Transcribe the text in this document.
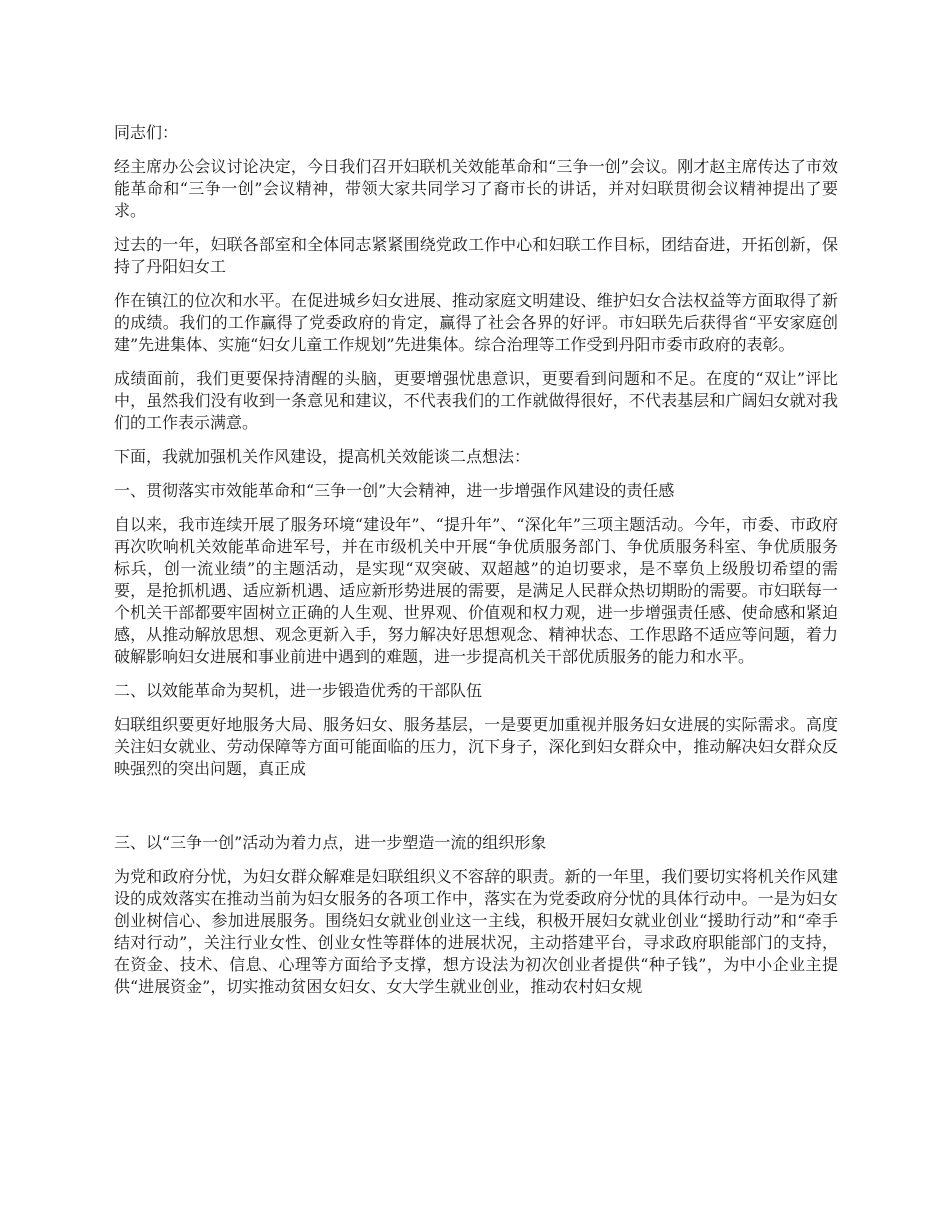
同志们：

经主席办公会议讨论决定，今日我们召开妇联机关效能革命和“三争一创”会议。刚才赵主席传达了市效能革命和“三争一创”会议精神，带领大家共同学习了裔市长的讲话，并对妇联贯彻会议精神提出了要求。

过去的一年，妇联各部室和全体同志紧紧围绕党政工作中心和妇联工作目标，团结奋进，开拓创新，保持了丹阳妇女工

作在镇江的位次和水平。在促进城乡妇女进展、推动家庭文明建设、维护妇女合法权益等方面取得了新的成绩。我们的工作赢得了党委政府的肯定，赢得了社会各界的好评。市妇联先后获得省“平安家庭创建”先进集体、实施“妇女儿童工作规划”先进集体。综合治理等工作受到丹阳市委市政府的表彰。

成绩面前，我们更要保持清醒的头脑，更要增强忧患意识，更要看到问题和不足。在度的“双让”评比中，虽然我们没有收到一条意见和建议，不代表我们的工作就做得很好，不代表基层和广阔妇女就对我们的工作表示满意。

下面，我就加强机关作风建设，提高机关效能谈二点想法：

一、贯彻落实市效能革命和“三争一创”大会精神，进一步增强作风建设的责任感

自以来，我市连续开展了服务环境“建设年”、“提升年”、“深化年”三项主题活动。今年，市委、市政府再次吹响机关效能革命进军号，并在市级机关中开展“争优质服务部门、争优质服务科室、争优质服务标兵，创一流业绩”的主题活动，是实现“双突破、双超越”的迫切要求，是不辜负上级殷切希望的需要，是抢抓机遇、适应新机遇、适应新形势进展的需要，是满足人民群众热切期盼的需要。市妇联每一个机关干部都要牢固树立正确的人生观、世界观、价值观和权力观，进一步增强责任感、使命感和紧迫感，从推动解放思想、观念更新入手，努力解决好思想观念、精神状态、工作思路不适应等问题，着力破解影响妇女进展和事业前进中遇到的难题，进一步提高机关干部优质服务的能力和水平。

二、以效能革命为契机，进一步锻造优秀的干部队伍

妇联组织要更好地服务大局、服务妇女、服务基层，一是要更加重视并服务妇女进展的实际需求。高度关注妇女就业、劳动保障等方面可能面临的压力，沉下身子，深化到妇女群众中，推动解决妇女群众反映强烈的突出问题，真正成

三、以“三争一创”活动为着力点，进一步塑造一流的组织形象

为党和政府分忧，为妇女群众解难是妇联组织义不容辞的职责。新的一年里，我们要切实将机关作风建设的成效落实在推动当前为妇女服务的各项工作中，落实在为党委政府分忧的具体行动中。一是为妇女创业树信心、参加进展服务。围绕妇女就业创业这一主线，积极开展妇女就业创业“援助行动”和“牵手结对行动”，关注行业女性、创业女性等群体的进展状况，主动搭建平台，寻求政府职能部门的支持，在资金、技术、信息、心理等方面给予支撑，想方设法为初次创业者提供“种子钱”，为中小企业主提供“进展资金”，切实推动贫困女妇女、女大学生就业创业，推动农村妇女规
